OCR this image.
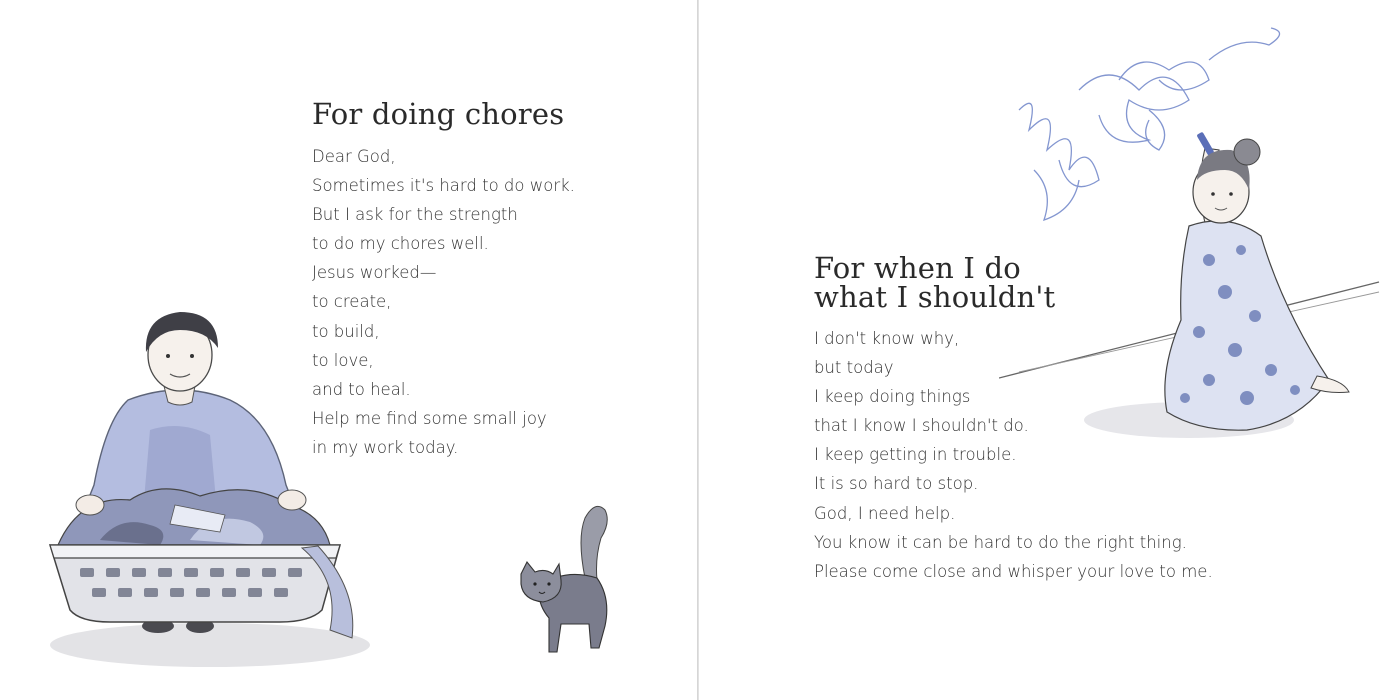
For doing chores
Dear God,
Sometimes it's hard to do work.
But I ask for the strength
to do my chores well.
Jesus worked—
to create,
to build,
to love,
and to heal.
Help me find some small joy
in my work today.
For when I do
what I shouldn't
I don't know why,
but today
I keep doing things
that I know I shouldn't do.
I keep getting in trouble.
It is so hard to stop.
God, I need help.
You know it can be hard to do the right thing.
Please come close and whisper your love to me.
